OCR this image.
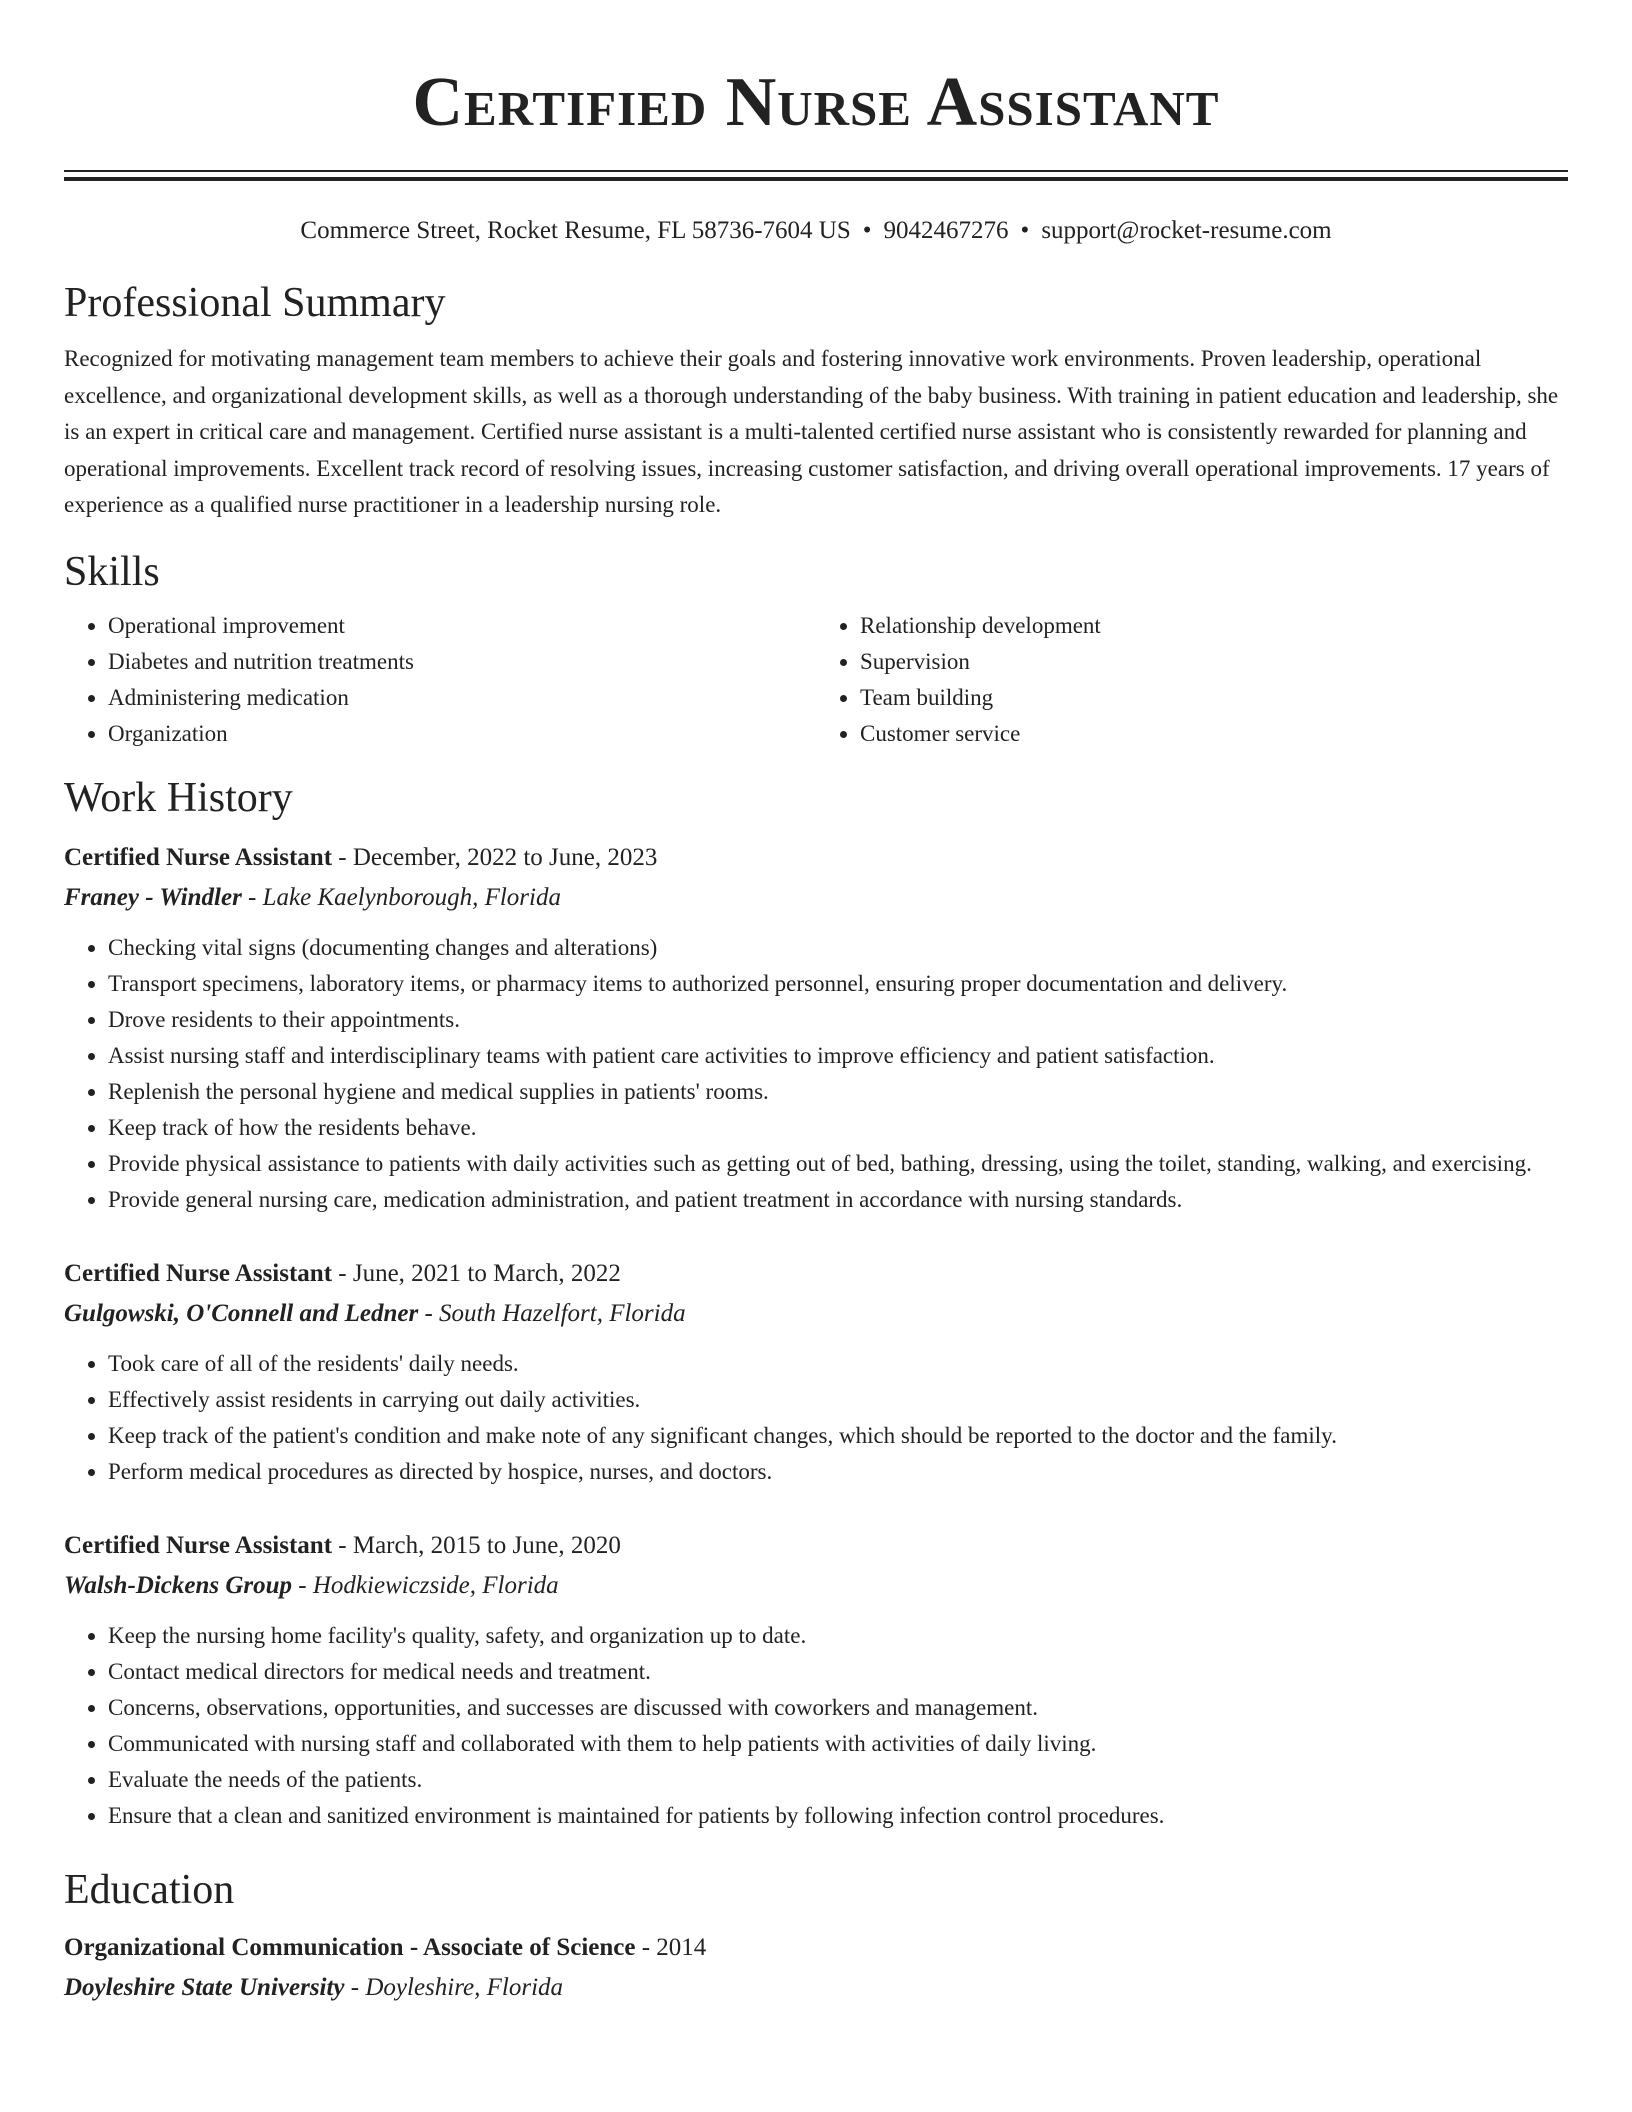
Certified Nurse Assistant
Commerce Street, Rocket Resume, FL 58736-7604 US • 9042467276 • support@rocket-resume.com
Professional Summary

Recognized for motivating management team members to achieve their goals and fostering innovative work environments. Proven leadership, operational excellence, and organizational development skills, as well as a thorough understanding of the baby business. With training in patient education and leadership, she is an expert in critical care and management. Certified nurse assistant is a multi-talented certified nurse assistant who is consistently rewarded for planning and operational improvements. Excellent track record of resolving issues, increasing customer satisfaction, and driving overall operational improvements. 17 years of experience as a qualified nurse practitioner in a leadership nursing role.

Skills
• Operational improvement
• Diabetes and nutrition treatments
• Administering medication
• Organization
• Relationship development
• Supervision
• Team building
• Customer service
Work History
Certified Nurse Assistant - December, 2022 to June, 2023
Franey - Windler - Lake Kaelynborough, Florida
• Checking vital signs (documenting changes and alterations)
• Transport specimens, laboratory items, or pharmacy items to authorized personnel, ensuring proper documentation and delivery.
• Drove residents to their appointments.
• Assist nursing staff and interdisciplinary teams with patient care activities to improve efficiency and patient satisfaction.
• Replenish the personal hygiene and medical supplies in patients' rooms.
• Keep track of how the residents behave.
• Provide physical assistance to patients with daily activities such as getting out of bed, bathing, dressing, using the toilet, standing, walking, and exercising.
• Provide general nursing care, medication administration, and patient treatment in accordance with nursing standards.
Certified Nurse Assistant - June, 2021 to March, 2022
Gulgowski, O'Connell and Ledner - South Hazelfort, Florida
• Took care of all of the residents' daily needs.
• Effectively assist residents in carrying out daily activities.
• Keep track of the patient's condition and make note of any significant changes, which should be reported to the doctor and the family.
• Perform medical procedures as directed by hospice, nurses, and doctors.
Certified Nurse Assistant - March, 2015 to June, 2020
Walsh-Dickens Group - Hodkiewiczside, Florida
• Keep the nursing home facility's quality, safety, and organization up to date.
• Contact medical directors for medical needs and treatment.
• Concerns, observations, opportunities, and successes are discussed with coworkers and management.
• Communicated with nursing staff and collaborated with them to help patients with activities of daily living.
• Evaluate the needs of the patients.
• Ensure that a clean and sanitized environment is maintained for patients by following infection control procedures.
Education
Organizational Communication - Associate of Science - 2014
Doyleshire State University - Doyleshire, Florida
